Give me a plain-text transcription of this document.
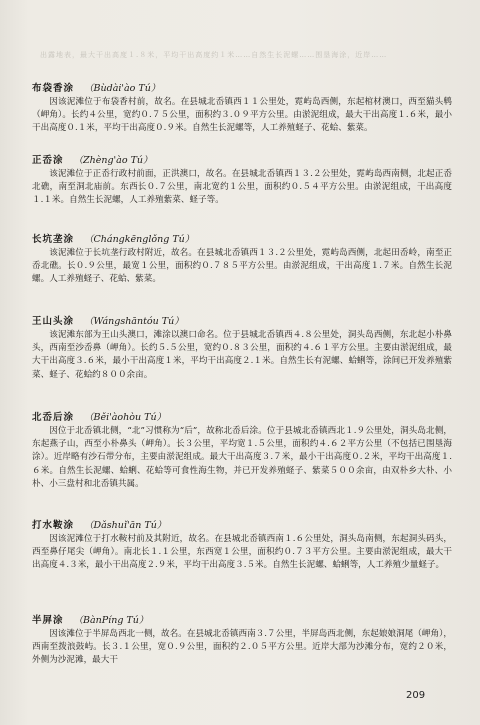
出露地表，最大干出高度１.８米，平均干出高度约１米……自然生长泥螺……围垦海涂，近岸……
布袋香涂 （Bùdài'ào Tú）

因该泥滩位于布袋香村前，故名。在县城北岙镇西１１公里处，霓屿岛西侧，东起棺材澳口，西至猫头鹎（岬角）。长约４公里，宽约０.７５公里，面积约３.０９平方公里。由淤泥组成，最大干出高度１.６米，最小干出高度０.１米，平均干出高度０.９米。自然生长泥螺等，人工养殖蛏子、花蛤、紫菜。

正岙涂 （Zhèng'ào Tú）

该泥滩位于正岙行政村前面，正洪澳口，故名。在县城北岙镇西１３.２公里处，霓屿岛西南侧，北起正岙北礁，南至洞北庙前。东西长０.７公里，南北宽约１公里，面积约０.５４平方公里。由淤泥组成，干出高度１.１米。自然生长泥螺，人工养殖紫菜、蛏子等。

长坑垄涂 （Chángkēnglǒng Tú）

该泥滩位于长坑垄行政村附近，故名。在县城北岙镇西１３.２公里处，霓屿岛西侧，北起田岙岭，南至正岙北礁。长０.９公里，最宽１公里，面积约０.７８５平方公里。由淤泥组成，干出高度１.７米。自然生长泥螺。人工养殖蛏子、花蛤、紫菜。

王山头涂 （Wángshāntóu Tú）

该泥滩东部为王山头澳口，滩涂以澳口命名。位于县城北岙镇西４.８公里处，洞头岛西侧，东北起小朴鼻头，西南至沙岙鼻（岬角）。长约５.５公里，宽约０.８３公里，面积约４.６１平方公里。主要由淤泥组成，最大干出高度３.６米，最小干出高度１米，平均干出高度２.１米。自然生长有泥螺、蛤蜊等，涂间已开发养殖紫菜、蛏子、花蛤约８００余亩。

北岙后涂 （Běi'àohòu Tú）

因位于北岙镇北侧，“北”习惯称为“后”，故称北岙后涂。位于县城北岙镇西北１.９公里处，洞头岛北侧，东起燕子山，西至小朴鼻头（岬角）。长３公里，平均宽１.５公里，面积约４.６２平方公里（不包括已围垦海涂）。近岸略有沙石带分布，主要由淤泥组成。最大干出高度３.７米，最小干出高度０.２米，平均干出高度１.６米。自然生长泥螺、蛤蜊、花蛤等可食性海生物，并已开发养殖蛏子、紫菜５００余亩，由双朴乡大朴、小朴、小三盘村和北岙镇共属。

打水鞍涂 （Dǎshuǐ'ān Tú）

因该泥滩位于打水鞍村前及其附近，故名。在县城北岙镇西南１.６公里处，洞头岛南侧，东起洞头码头，西至鼻仔尾尖（岬角）。南北长１.１公里，东西宽１公里，面积约０.７３平方公里。主要由淤泥组成，最大干出高度４.３米，最小干出高度２.９米，平均干出高度３.５米。自然生长泥螺、蛤蜊等，人工养殖少量蛏子。

半屏涂 （BànPíng Tú）

因该滩位于半屏岛西北一侧，故名。在县城北岙镇西南３.７公里，半屏岛西北侧，东起娘娘洞尾（岬角），西南至拨浪鼓屿。长３.１公里，宽０.９公里，面积约２.０５平方公里。近岸大部为沙滩分布，宽约２０米，外侧为沙泥滩，最大干

209
